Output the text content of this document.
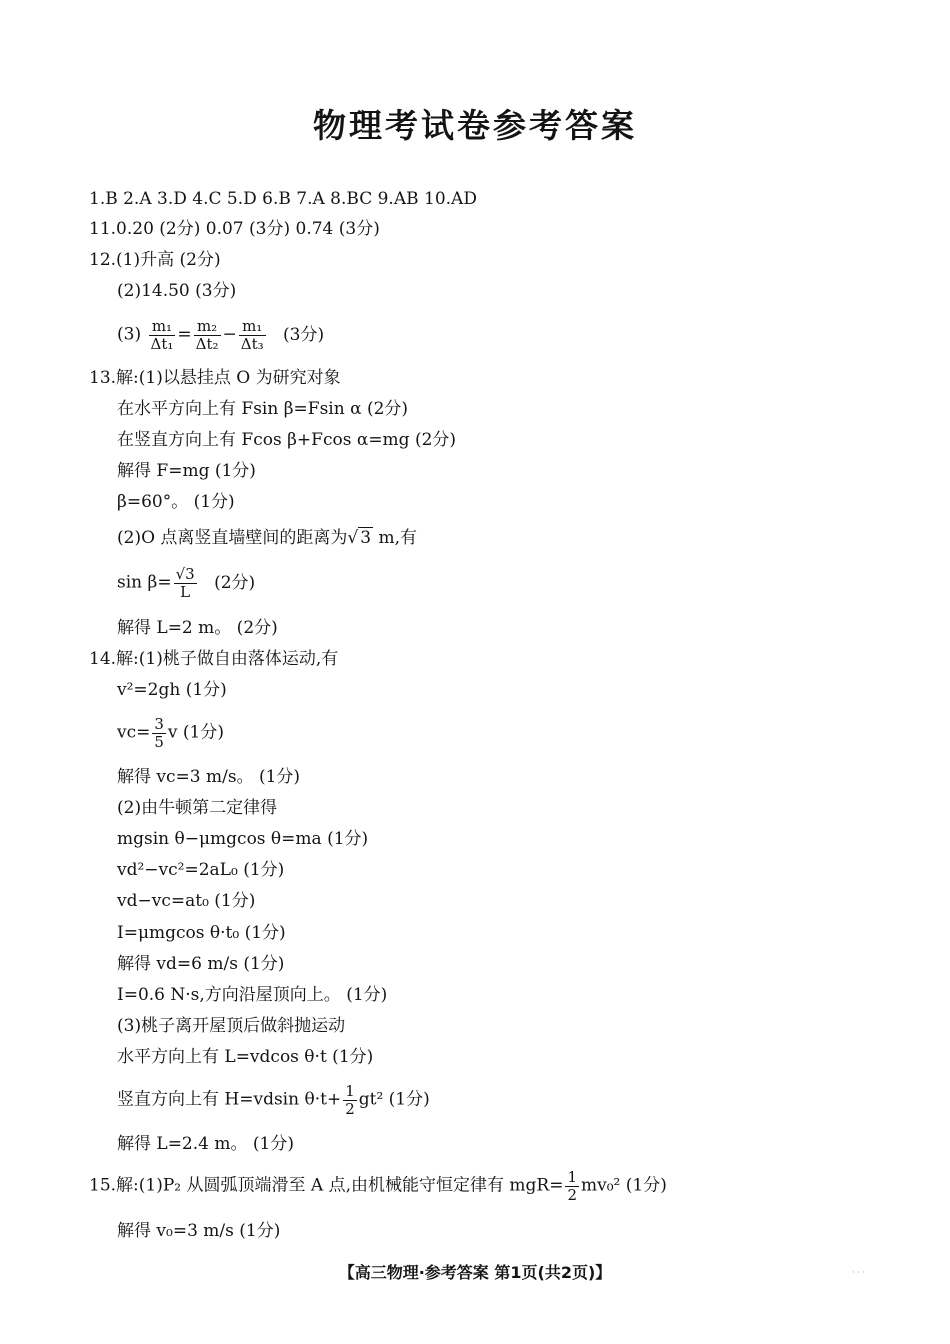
物理考试卷参考答案
1.B 2.A 3.D 4.C 5.D 6.B 7.A 8.BC 9.AB 10.AD
11.0.20 (2分) 0.07 (3分) 0.74 (3分)
12.(1)升高 (2分)
(2)14.50 (3分)
$(3) \frac{\text{m₁}}{\text{Δt₁}} = \frac{\text{m₂}}{\text{Δt₂}} - \frac{\text{m₁}}{\text{Δt₃}} (3$分)
13.解:(1)以悬挂点 O 为研究对象
在水平方向上有 Fsin β=Fsin α (2分)
在竖直方向上有 Fcos β+Fcos α=mg (2分)
解得 F=mg (1分)
β=60°。 (1分)
(2)O 点离竖直墙壁间的距离为√ 3 m,有
$\sin \beta= \frac{√3}{L} (2$分)
解得 L=2 m。 (2分)
14.解:(1)桃子做自由落体运动,有
v²=2gh (1分)
$vc= \frac{3}{5}$ v (1分)
解得 vc=3 m/s。 (1分)
(2)由牛顿第二定律得
mgsin θ−μmgcos θ=ma (1分)
vd²−vc²=2aL₀ (1分)
vd−vc=at₀ (1分)
I=μmgcos θ·t₀ (1分)
解得 vd=6 m/s (1分)
I=0.6 N·s,方向沿屋顶向上。 (1分)
(3)桃子离开屋顶后做斜抛运动
水平方向上有 L=vdcos θ·t (1分)
竖直方向上有 H=vdsin $\theta\cdot t+ \frac{1}{2} gt^2$ (1分)
解得 L=2.4 m。 (1分)
15.解:(1)P₂ 从圆弧顶端滑至 A 点,由机械能守恒定律有 $mgR= \frac{1}{2} mv_0^2$ (1分)
解得 v₀=3 m/s (1分)
【高三物理·参考答案 第1页(共2页)】	· · ·
